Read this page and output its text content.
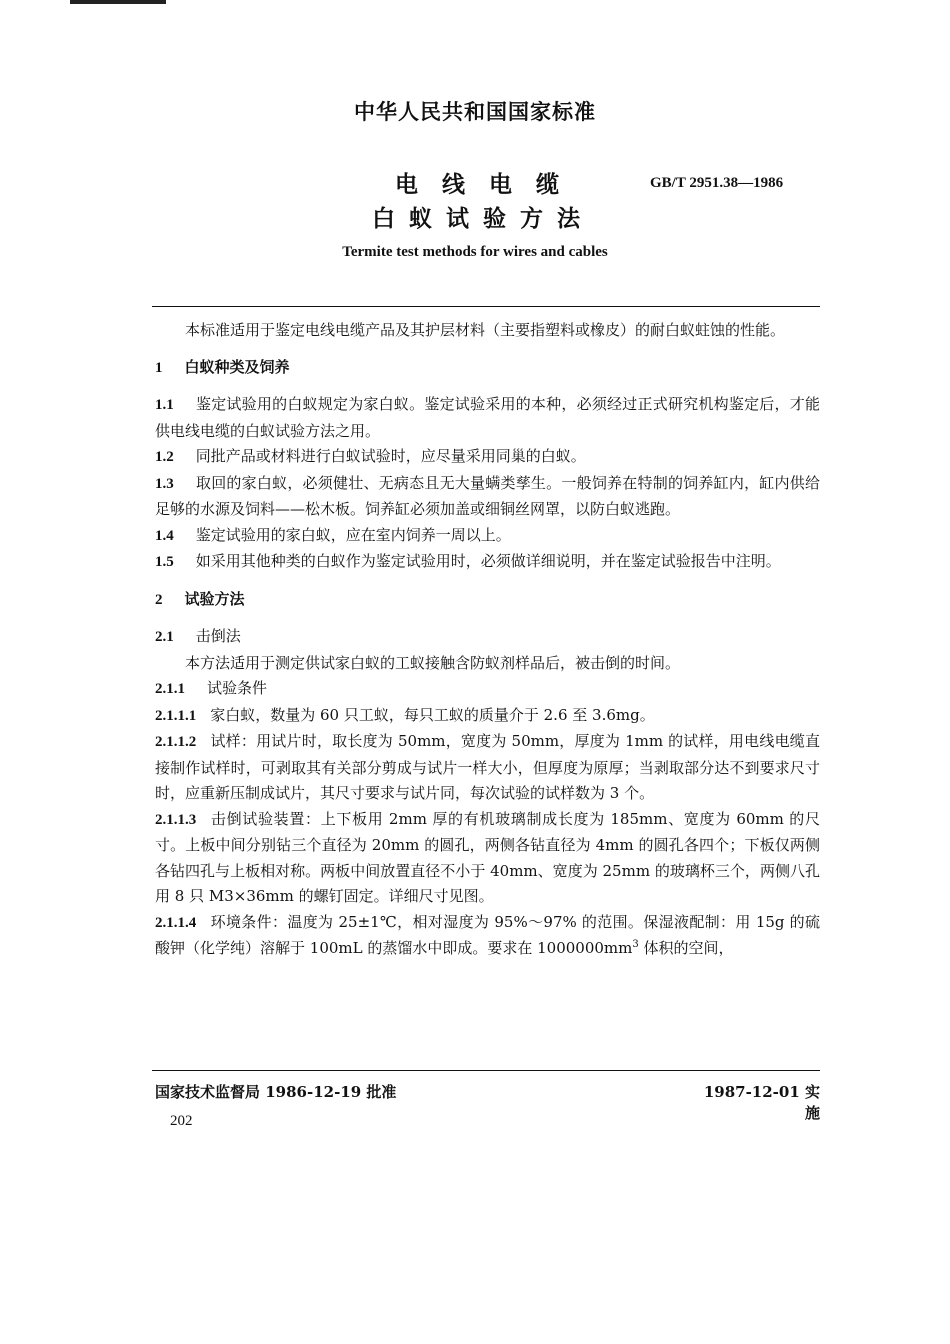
中华人民共和国国家标准
电线电缆
白蚁试验方法
GB/T 2951.38—1986
Termite test methods for wires and cables

本标准适用于鉴定电线电缆产品及其护层材料（主要指塑料或橡皮）的耐白蚁蛀蚀的性能。

1 白蚁种类及饲养

1.1 鉴定试验用的白蚁规定为家白蚁。鉴定试验采用的本种，必须经过正式研究机构鉴定后，才能供电线电缆的白蚁试验方法之用。

1.2 同批产品或材料进行白蚁试验时，应尽量采用同巢的白蚁。

1.3 取回的家白蚁，必须健壮、无病态且无大量螨类孳生。一般饲养在特制的饲养缸内，缸内供给足够的水源及饲料——松木板。饲养缸必须加盖或细铜丝网罩，以防白蚁逃跑。

1.4 鉴定试验用的家白蚁，应在室内饲养一周以上。

1.5 如采用其他种类的白蚁作为鉴定试验用时，必须做详细说明，并在鉴定试验报告中注明。

2 试验方法

2.1 击倒法

本方法适用于测定供试家白蚁的工蚁接触含防蚁剂样品后，被击倒的时间。

2.1.1 试验条件

2.1.1.1 家白蚁，数量为 60 只工蚁，每只工蚁的质量介于 2.6 至 3.6mg。

2.1.1.2 试样：用试片时，取长度为 50mm，宽度为 50mm，厚度为 1mm 的试样，用电线电缆直接制作试样时，可剥取其有关部分剪成与试片一样大小，但厚度为原厚；当剥取部分达不到要求尺寸时，应重新压制成试片，其尺寸要求与试片同，每次试验的试样数为 3 个。

2.1.1.3 击倒试验装置：上下板用 2mm 厚的有机玻璃制成长度为 185mm、宽度为 60mm 的尺寸。上板中间分别钻三个直径为 20mm 的圆孔，两侧各钻直径为 4mm 的圆孔各四个；下板仅两侧各钻四孔与上板相对称。两板中间放置直径不小于 40mm、宽度为 25mm 的玻璃杯三个，两侧八孔用 8 只 M3×36mm 的螺钉固定。详细尺寸见图。

2.1.1.4 环境条件：温度为 25±1℃，相对湿度为 95%～97% 的范围。保湿液配制：用 15g 的硫酸钾（化学纯）溶解于 100mL 的蒸馏水中即成。要求在 $1000000mm^3$ 体积的空间，

国家技术监督局 1986-12-19 批准	1987-12-01 实施
202
